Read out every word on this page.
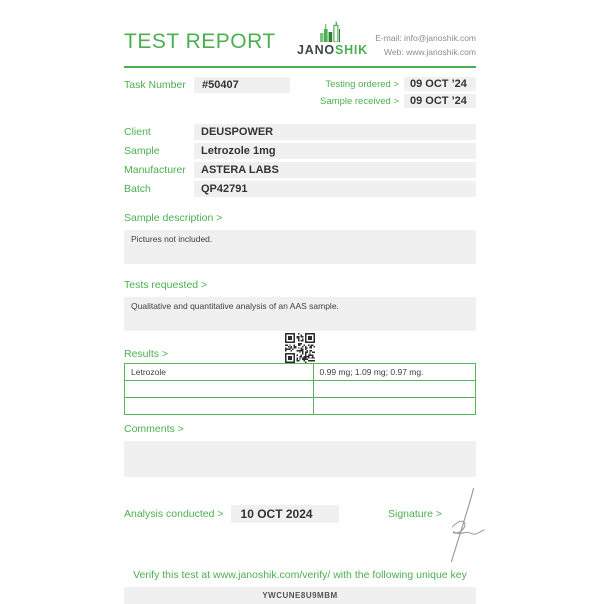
TEST REPORT JANOSHIK
E-mail: info@janoshik.com
Web: www.janoshik.com
Task Number	#50407	Testing ordered >	09 OCT ’24
Sample received >	09 OCT ’24
Client	DEUSPOWER
Sample	Letrozole 1mg
Manufacturer	ASTERA LABS
Batch	QP42791
Sample description >
Pictures not included.
Tests requested >
Qualitative and quantitative analysis of an AAS sample.
Results >
Letrozole	0.99 mg; 1.09 mg; 0.97 mg.

Comments >
Analysis conducted >	10 OCT 2024	Signature >
Verify this test at www.janoshik.com/verify/ with the following unique key
YWCUNE8U9MBM
